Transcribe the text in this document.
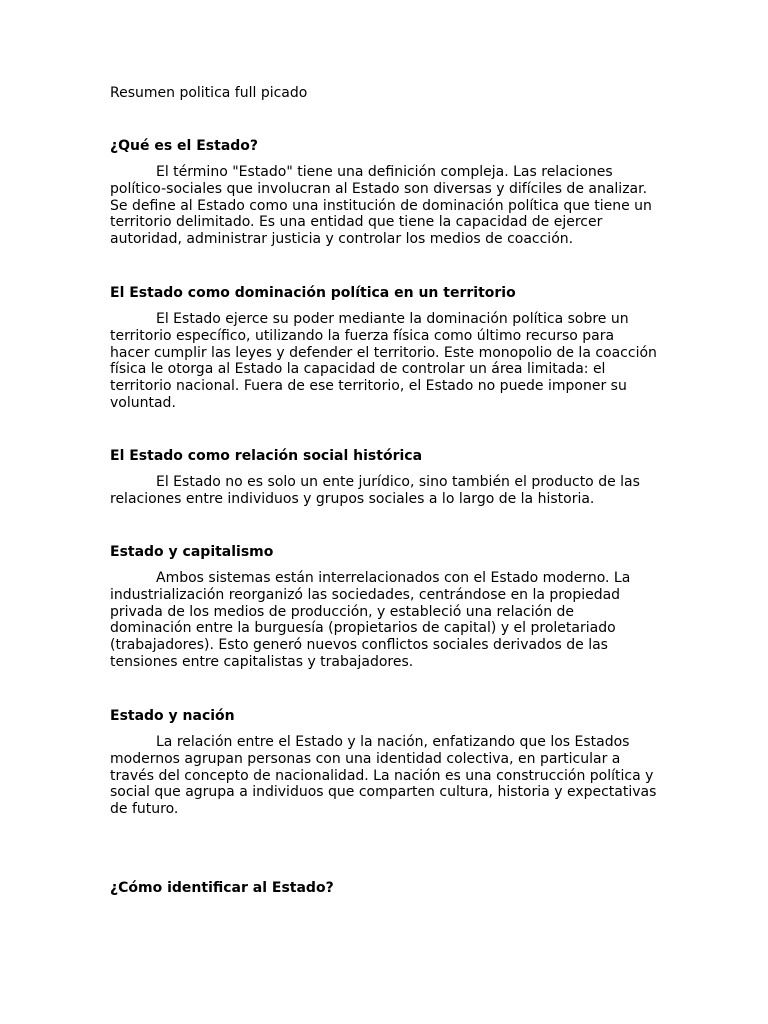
Resumen politica full picado
¿Qué es el Estado?
El término "Estado" tiene una definición compleja. Las relaciones político-sociales que involucran al Estado son diversas y difíciles de analizar. Se define al Estado como una institución de dominación política que tiene un territorio delimitado. Es una entidad que tiene la capacidad de ejercer autoridad, administrar justicia y controlar los medios de coacción.
El Estado como dominación política en un territorio
El Estado ejerce su poder mediante la dominación política sobre un territorio específico, utilizando la fuerza física como último recurso para hacer cumplir las leyes y defender el territorio. Este monopolio de la coacción física le otorga al Estado la capacidad de controlar un área limitada: el territorio nacional. Fuera de ese territorio, el Estado no puede imponer su voluntad.
El Estado como relación social histórica
El Estado no es solo un ente jurídico, sino también el producto de las relaciones entre individuos y grupos sociales a lo largo de la historia.
Estado y capitalismo
Ambos sistemas están interrelacionados con el Estado moderno. La industrialización reorganizó las sociedades, centrándose en la propiedad privada de los medios de producción, y estableció una relación de dominación entre la burguesía (propietarios de capital) y el proletariado (trabajadores). Esto generó nuevos conflictos sociales derivados de las tensiones entre capitalistas y trabajadores.
Estado y nación
La relación entre el Estado y la nación, enfatizando que los Estados modernos agrupan personas con una identidad colectiva, en particular a través del concepto de nacionalidad. La nación es una construcción política y social que agrupa a individuos que comparten cultura, historia y expectativas de futuro.
¿Cómo identificar al Estado?
